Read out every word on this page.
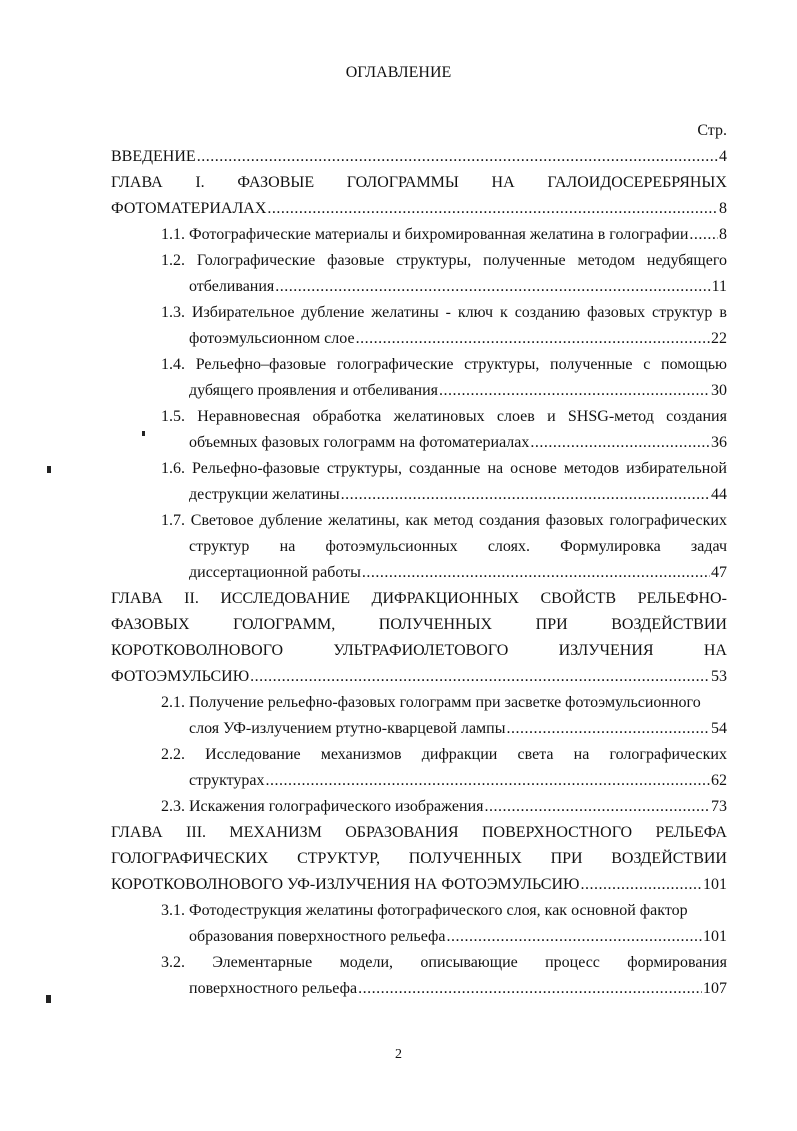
ОГЛАВЛЕНИЕ
Стр.
ВВЕДЕНИЕ .....	4
ГЛАВА I. ФАЗОВЫЕ ГОЛОГРАММЫ НА ГАЛОИДОСЕРЕБРЯНЫХ
ФОТОМАТЕРИАЛАХ .....	8
1.1. Фотографические материалы и бихромированная желатина в голографии ..... 8
1.2. Голографические фазовые структуры, полученные методом недубящего
отбеливания .....	11
1.3. Избирательное дубление желатины - ключ к созданию фазовых структур в
фотоэмульсионном слое .....	22
1.4. Рельефно–фазовые голографические структуры, полученные с помощью
дубящего проявления и отбеливания .....	30
1.5. Неравновесная обработка желатиновых слоев и SHSG-метод создания
объемных фазовых голограмм на фотоматериалах .....	36
1.6. Рельефно-фазовые структуры, созданные на основе методов избирательной
деструкции желатины .....	44
1.7. Световое дубление желатины, как метод создания фазовых голографических
структур на фотоэмульсионных слоях. Формулировка задач
диссертационной работы .....	47
ГЛАВА II. ИССЛЕДОВАНИЕ ДИФРАКЦИОННЫХ СВОЙСТВ РЕЛЬЕФНО-
ФАЗОВЫХ	ГОЛОГРАММ,	ПОЛУЧЕННЫХ	ПРИ	ВОЗДЕЙСТВИИ
КОРОТКОВОЛНОВОГО	УЛЬТРАФИОЛЕТОВОГО	ИЗЛУЧЕНИЯ	НА
ФОТОЭМУЛЬСИЮ .....	53
2.1. Получение рельефно-фазовых голограмм при засветке фотоэмульсионного
слоя УФ-излучением ртутно-кварцевой лампы .....	54
2.2. Исследование механизмов дифракции света на голографических
структурах .....	62
2.3. Искажения голографического изображения .....	73
ГЛАВА III. МЕХАНИЗМ ОБРАЗОВАНИЯ ПОВЕРХНОСТНОГО РЕЛЬЕФА
ГОЛОГРАФИЧЕСКИХ СТРУКТУР, ПОЛУЧЕННЫХ ПРИ ВОЗДЕЙСТВИИ
КОРОТКОВОЛНОВОГО УФ-ИЗЛУЧЕНИЯ НА ФОТОЭМУЛЬСИЮ .....	101
3.1. Фотодеструкция желатины фотографического слоя, как основной фактор
образования поверхностного рельефа .....	101
3.2. Элементарные модели, описывающие процесс формирования
поверхностного рельефа .....	107
2
